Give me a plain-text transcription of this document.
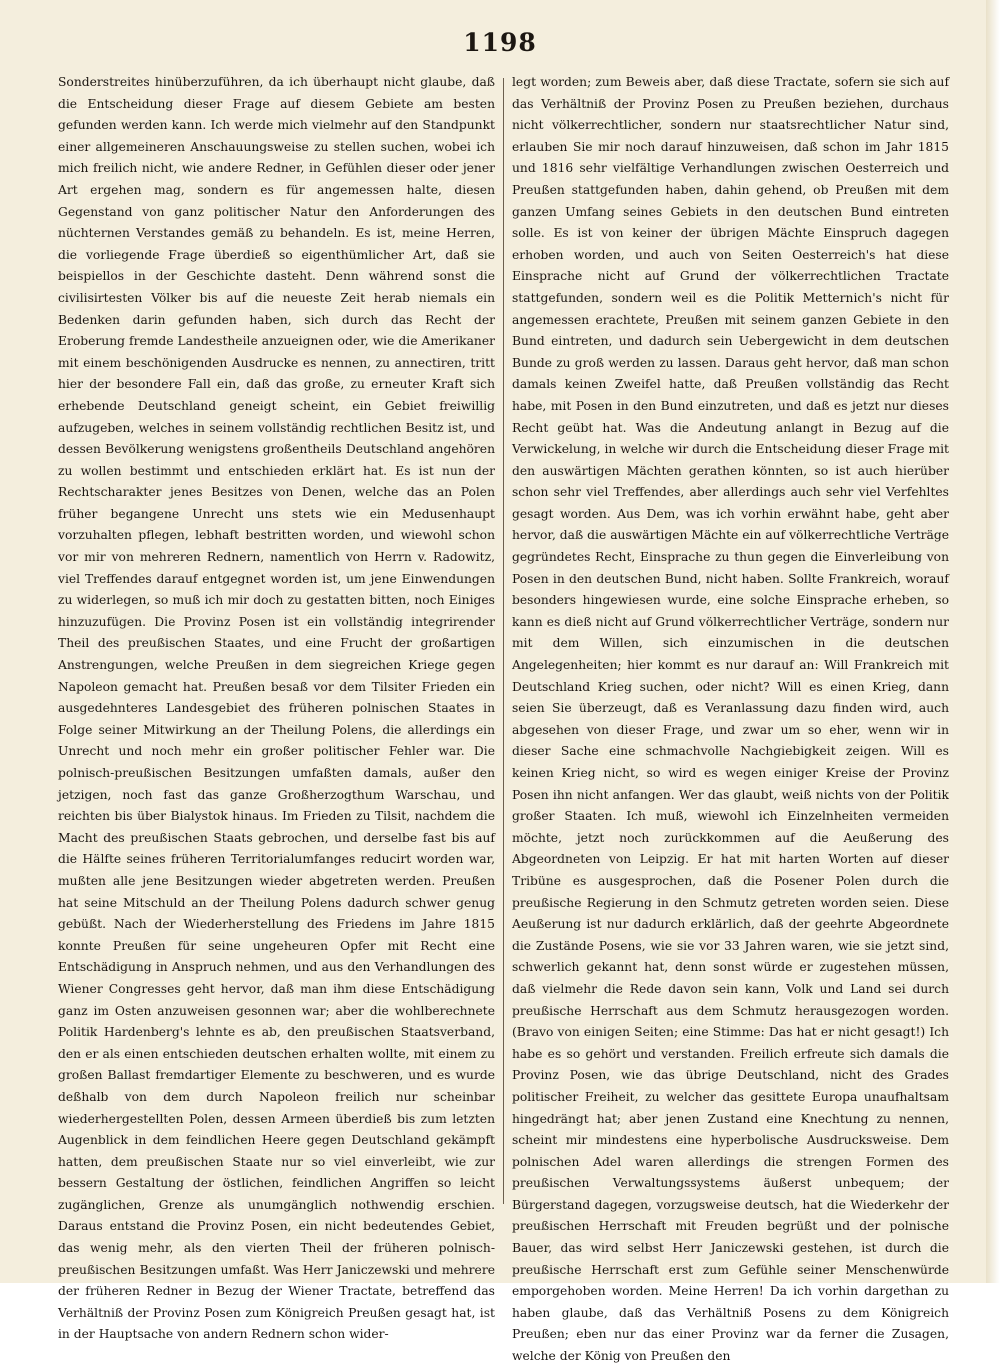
1198

Sonderstreites hinüberzuführen, da ich überhaupt nicht glaube, daß die Entscheidung dieser Frage auf diesem Gebiete am besten gefunden werden kann. Ich werde mich vielmehr auf den Standpunkt einer allgemeineren Anschauungsweise zu stellen suchen, wobei ich mich freilich nicht, wie andere Redner, in Gefühlen dieser oder jener Art ergehen mag, sondern es für angemessen halte, diesen Gegenstand von ganz politischer Natur den Anforderungen des nüchternen Verstandes gemäß zu behandeln. Es ist, meine Herren, die vorliegende Frage überdieß so eigenthümlicher Art, daß sie beispiellos in der Geschichte dasteht. Denn während sonst die civilisirtesten Völker bis auf die neueste Zeit herab niemals ein Bedenken darin gefunden haben, sich durch das Recht der Eroberung fremde Landestheile anzueignen oder, wie die Amerikaner mit einem beschönigenden Ausdrucke es nennen, zu annectiren, tritt hier der besondere Fall ein, daß das große, zu erneuter Kraft sich erhebende Deutschland geneigt scheint, ein Gebiet freiwillig aufzugeben, welches in seinem vollständig rechtlichen Besitz ist, und dessen Bevölkerung wenigstens großentheils Deutschland angehören zu wollen bestimmt und entschieden erklärt hat. Es ist nun der Rechtscharakter jenes Besitzes von Denen, welche das an Polen früher begangene Unrecht uns stets wie ein Medusenhaupt vorzuhalten pflegen, lebhaft bestritten worden, und wiewohl schon vor mir von mehreren Rednern, namentlich von Herrn v. Radowitz, viel Treffendes darauf entgegnet worden ist, um jene Einwendungen zu widerlegen, so muß ich mir doch zu gestatten bitten, noch Einiges hinzuzufügen. Die Provinz Posen ist ein vollständig integrirender Theil des preußischen Staates, und eine Frucht der großartigen Anstrengungen, welche Preußen in dem siegreichen Kriege gegen Napoleon gemacht hat. Preußen besaß vor dem Tilsiter Frieden ein ausgedehnteres Landesgebiet des früheren polnischen Staates in Folge seiner Mitwirkung an der Theilung Polens, die allerdings ein Unrecht und noch mehr ein großer politischer Fehler war. Die polnisch-preußischen Besitzungen umfaßten damals, außer den jetzigen, noch fast das ganze Großherzogthum Warschau, und reichten bis über Bialystok hinaus. Im Frieden zu Tilsit, nachdem die Macht des preußischen Staats gebrochen, und derselbe fast bis auf die Hälfte seines früheren Territorialumfanges reducirt worden war, mußten alle jene Besitzungen wieder abgetreten werden. Preußen hat seine Mitschuld an der Theilung Polens dadurch schwer genug gebüßt. Nach der Wiederherstellung des Friedens im Jahre 1815 konnte Preußen für seine ungeheuren Opfer mit Recht eine Entschädigung in Anspruch nehmen, und aus den Verhandlungen des Wiener Congresses geht hervor, daß man ihm diese Entschädigung ganz im Osten anzuweisen gesonnen war; aber die wohlberechnete Politik Hardenberg's lehnte es ab, den preußischen Staatsverband, den er als einen entschieden deutschen erhalten wollte, mit einem zu großen Ballast fremdartiger Elemente zu beschweren, und es wurde deßhalb von dem durch Napoleon freilich nur scheinbar wiederhergestellten Polen, dessen Armeen überdieß bis zum letzten Augenblick in dem feindlichen Heere gegen Deutschland gekämpft hatten, dem preußischen Staate nur so viel einverleibt, wie zur bessern Gestaltung der östlichen, feindlichen Angriffen so leicht zugänglichen, Grenze als unumgänglich nothwendig erschien. Daraus entstand die Provinz Posen, ein nicht bedeutendes Gebiet, das wenig mehr, als den vierten Theil der früheren polnisch-preußischen Besitzungen umfaßt. Was Herr Janiczewski und mehrere der früheren Redner in Bezug der Wiener Tractate, betreffend das Verhältniß der Provinz Posen zum Königreich Preußen gesagt hat, ist in der Hauptsache von andern Rednern schon wider-

legt worden; zum Beweis aber, daß diese Tractate, sofern sie sich auf das Verhältniß der Provinz Posen zu Preußen beziehen, durchaus nicht völkerrechtlicher, sondern nur staatsrechtlicher Natur sind, erlauben Sie mir noch darauf hinzuweisen, daß schon im Jahr 1815 und 1816 sehr vielfältige Verhandlungen zwischen Oesterreich und Preußen stattgefunden haben, dahin gehend, ob Preußen mit dem ganzen Umfang seines Gebiets in den deutschen Bund eintreten solle. Es ist von keiner der übrigen Mächte Einspruch dagegen erhoben worden, und auch von Seiten Oesterreich's hat diese Einsprache nicht auf Grund der völkerrechtlichen Tractate stattgefunden, sondern weil es die Politik Metternich's nicht für angemessen erachtete, Preußen mit seinem ganzen Gebiete in den Bund eintreten, und dadurch sein Uebergewicht in dem deutschen Bunde zu groß werden zu lassen. Daraus geht hervor, daß man schon damals keinen Zweifel hatte, daß Preußen vollständig das Recht habe, mit Posen in den Bund einzutreten, und daß es jetzt nur dieses Recht geübt hat. Was die Andeutung anlangt in Bezug auf die Verwickelung, in welche wir durch die Entscheidung dieser Frage mit den auswärtigen Mächten gerathen könnten, so ist auch hierüber schon sehr viel Treffendes, aber allerdings auch sehr viel Verfehltes gesagt worden. Aus Dem, was ich vorhin erwähnt habe, geht aber hervor, daß die auswärtigen Mächte ein auf völkerrechtliche Verträge gegründetes Recht, Einsprache zu thun gegen die Einverleibung von Posen in den deutschen Bund, nicht haben. Sollte Frankreich, worauf besonders hingewiesen wurde, eine solche Einsprache erheben, so kann es dieß nicht auf Grund völkerrechtlicher Verträge, sondern nur mit dem Willen, sich einzumischen in die deutschen Angelegenheiten; hier kommt es nur darauf an: Will Frankreich mit Deutschland Krieg suchen, oder nicht? Will es einen Krieg, dann seien Sie überzeugt, daß es Veranlassung dazu finden wird, auch abgesehen von dieser Frage, und zwar um so eher, wenn wir in dieser Sache eine schmachvolle Nachgiebigkeit zeigen. Will es keinen Krieg nicht, so wird es wegen einiger Kreise der Provinz Posen ihn nicht anfangen. Wer das glaubt, weiß nichts von der Politik großer Staaten. Ich muß, wiewohl ich Einzelnheiten vermeiden möchte, jetzt noch zurückkommen auf die Aeußerung des Abgeordneten von Leipzig. Er hat mit harten Worten auf dieser Tribüne es ausgesprochen, daß die Posener Polen durch die preußische Regierung in den Schmutz getreten worden seien. Diese Aeußerung ist nur dadurch erklärlich, daß der geehrte Abgeordnete die Zustände Posens, wie sie vor 33 Jahren waren, wie sie jetzt sind, schwerlich gekannt hat, denn sonst würde er zugestehen müssen, daß vielmehr die Rede davon sein kann, Volk und Land sei durch preußische Herrschaft aus dem Schmutz herausgezogen worden. (Bravo von einigen Seiten; eine Stimme: Das hat er nicht gesagt!) Ich habe es so gehört und verstanden. Freilich erfreute sich damals die Provinz Posen, wie das übrige Deutschland, nicht des Grades politischer Freiheit, zu welcher das gesittete Europa unaufhaltsam hingedrängt hat; aber jenen Zustand eine Knechtung zu nennen, scheint mir mindestens eine hyperbolische Ausdrucksweise. Dem polnischen Adel waren allerdings die strengen Formen des preußischen Verwaltungssystems äußerst unbequem; der Bürgerstand dagegen, vorzugsweise deutsch, hat die Wiederkehr der preußischen Herrschaft mit Freuden begrüßt und der polnische Bauer, das wird selbst Herr Janiczewski gestehen, ist durch die preußische Herrschaft erst zum Gefühle seiner Menschenwürde emporgehoben worden. Meine Herren! Da ich vorhin dargethan zu haben glaube, daß das Verhältniß Posens zu dem Königreich Preußen; eben nur das einer Provinz war da ferner die Zusagen, welche der König von Preußen den
